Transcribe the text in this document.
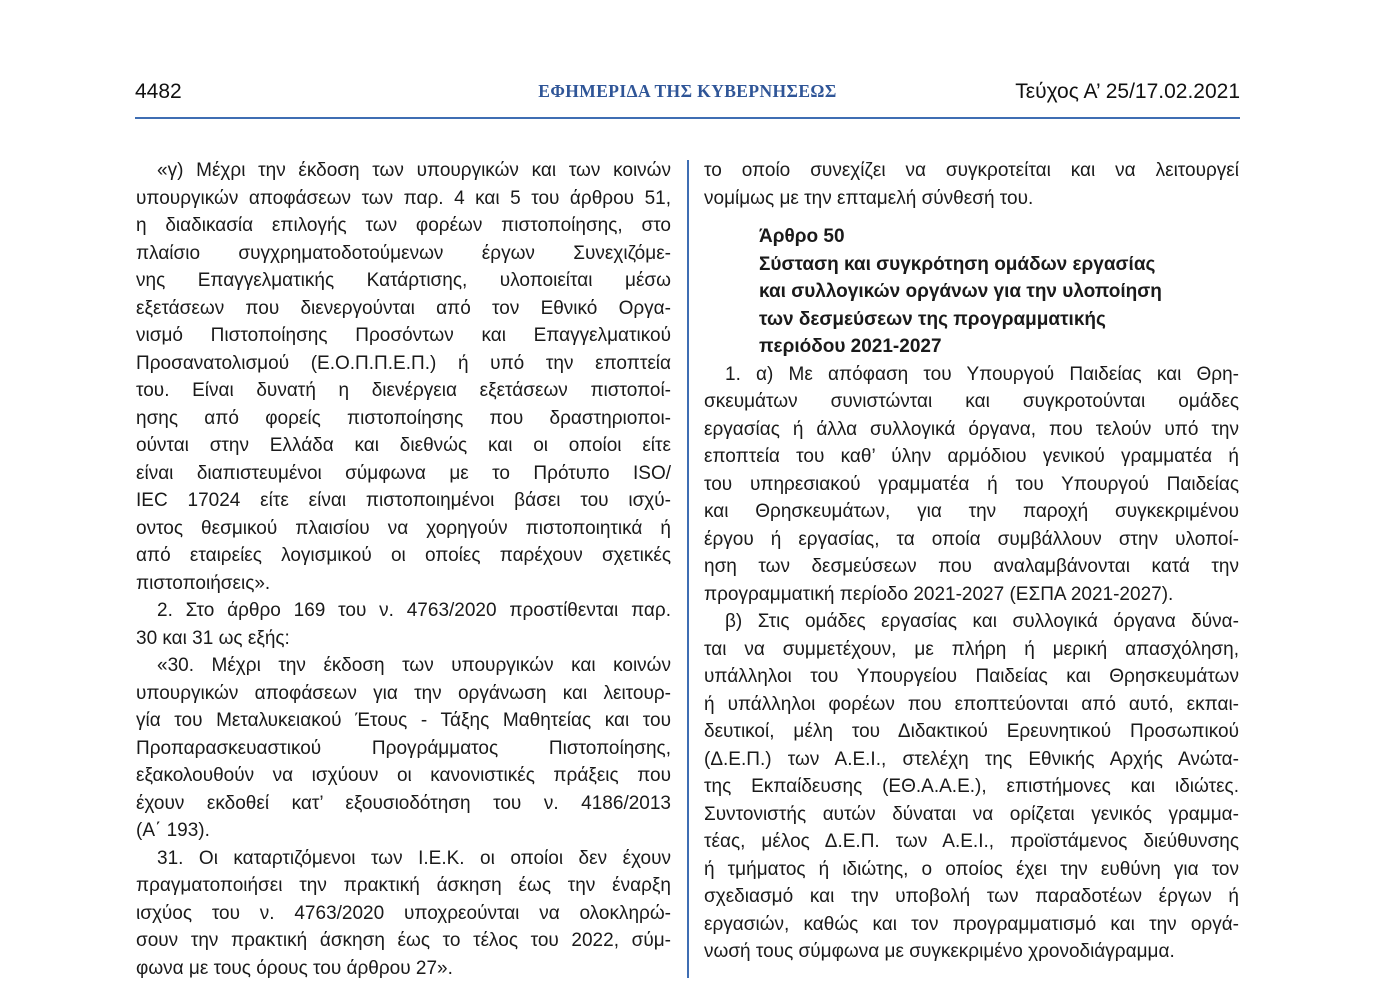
4482	ΕΦΗΜΕΡΙΔΑ ΤΗΣ ΚΥΒΕΡΝΗΣΕΩΣ	Τεύχος Α’ 25/17.02.2021
«γ) Μέχρι την έκδοση των υπουργικών και των κοινών
υπουργικών αποφάσεων των παρ. 4 και 5 του άρθρου 51,
η διαδικασία επιλογής των φορέων πιστοποίησης, στο
πλαίσιο συγχρηματοδοτούμενων έργων Συνεχιζόμε-
νης Επαγγελματικής Κατάρτισης, υλοποιείται μέσω
εξετάσεων που διενεργούνται από τον Εθνικό Οργα-
νισμό Πιστοποίησης Προσόντων και Επαγγελματικού
Προσανατολισμού (Ε.Ο.Π.Π.Ε.Π.) ή υπό την εποπτεία
του. Είναι δυνατή η διενέργεια εξετάσεων πιστοποί-
ησης από φορείς πιστοποίησης που δραστηριοποι-
ούνται στην Ελλάδα και διεθνώς και οι οποίοι είτε
είναι διαπιστευμένοι σύμφωνα με το Πρότυπο ISO/
IEC 17024 είτε είναι πιστοποιημένοι βάσει του ισχύ-
οντος θεσμικού πλαισίου να χορηγούν πιστοποιητικά ή
από εταιρείες λογισμικού οι οποίες παρέχουν σχετικές
πιστοποιήσεις».
2. Στο άρθρο 169 του ν. 4763/2020 προστίθενται παρ.
30 και 31 ως εξής:
«30. Μέχρι την έκδοση των υπουργικών και κοινών
υπουργικών αποφάσεων για την οργάνωση και λειτουρ-
γία του Μεταλυκειακού Έτους - Τάξης Μαθητείας και του
Προπαρασκευαστικού Προγράμματος Πιστοποίησης,
εξακολουθούν να ισχύουν οι κανονιστικές πράξεις που
έχουν εκδοθεί κατ’ εξουσιοδότηση του ν. 4186/2013
(Α΄ 193).
31. Οι καταρτιζόμενοι των Ι.Ε.Κ. οι οποίοι δεν έχουν
πραγματοποιήσει την πρακτική άσκηση έως την έναρξη
ισχύος του ν. 4763/2020 υποχρεούνται να ολοκληρώ-
σουν την πρακτική άσκηση έως το τέλος του 2022, σύμ-
φωνα με τους όρους του άρθρου 27».
το οποίο συνεχίζει να συγκροτείται και να λειτουργεί
νομίμως με την επταμελή σύνθεσή του.
Άρθρο 50
Σύσταση και συγκρότηση ομάδων εργασίας
και συλλογικών οργάνων για την υλοποίηση
των δεσμεύσεων της προγραμματικής
περιόδου 2021-2027
1. α) Με απόφαση του Υπουργού Παιδείας και Θρη-
σκευμάτων συνιστώνται και συγκροτούνται ομάδες
εργασίας ή άλλα συλλογικά όργανα, που τελούν υπό την
εποπτεία του καθ’ ύλην αρμόδιου γενικού γραμματέα ή
του υπηρεσιακού γραμματέα ή του Υπουργού Παιδείας
και Θρησκευμάτων, για την παροχή συγκεκριμένου
έργου ή εργασίας, τα οποία συμβάλλουν στην υλοποί-
ηση των δεσμεύσεων που αναλαμβάνονται κατά την
προγραμματική περίοδο 2021-2027 (ΕΣΠΑ 2021-2027).
β) Στις ομάδες εργασίας και συλλογικά όργανα δύνα-
ται να συμμετέχουν, με πλήρη ή μερική απασχόληση,
υπάλληλοι του Υπουργείου Παιδείας και Θρησκευμάτων
ή υπάλληλοι φορέων που εποπτεύονται από αυτό, εκπαι-
δευτικοί, μέλη του Διδακτικού Ερευνητικού Προσωπικού
(Δ.Ε.Π.) των Α.Ε.Ι., στελέχη της Εθνικής Αρχής Ανώτα-
της Εκπαίδευσης (ΕΘ.Α.Α.Ε.), επιστήμονες και ιδιώτες.
Συντονιστής αυτών δύναται να ορίζεται γενικός γραμμα-
τέας, μέλος Δ.Ε.Π. των Α.Ε.Ι., προϊστάμενος διεύθυνσης
ή τμήματος ή ιδιώτης, ο οποίος έχει την ευθύνη για τον
σχεδιασμό και την υποβολή των παραδοτέων έργων ή
εργασιών, καθώς και τον προγραμματισμό και την οργά-
νωσή τους σύμφωνα με συγκεκριμένο χρονοδιάγραμμα.
